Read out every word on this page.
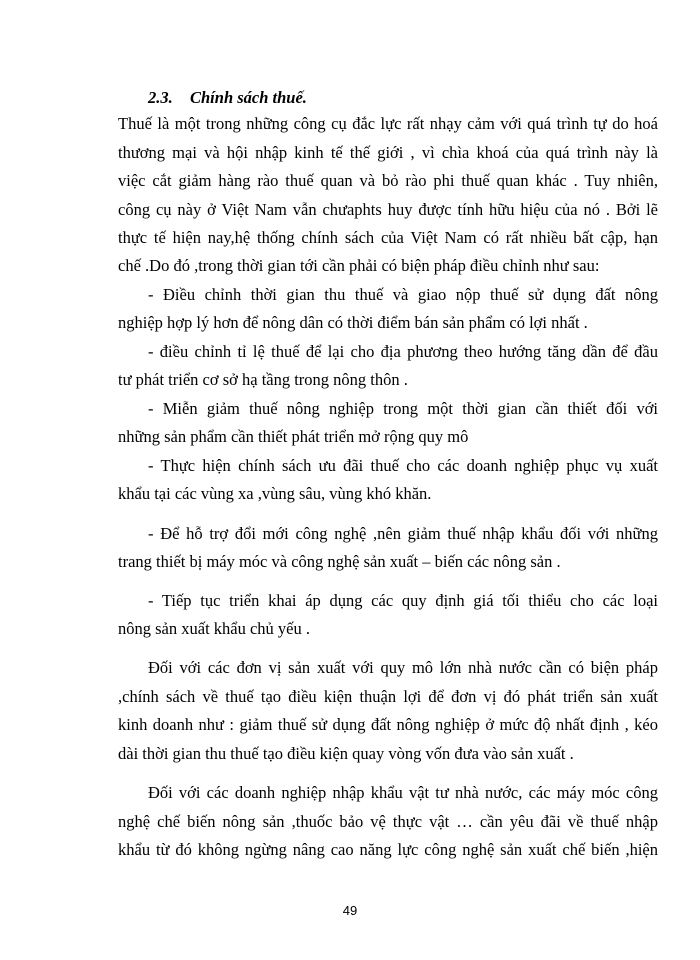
2.3. Chính sách thuế.
Thuế là một trong những công cụ đắc lực rất nhạy cảm với quá trình tự do hoá
thương mại và hội nhập kinh tế thế giới , vì chìa khoá của quá trình này là
việc cắt giảm hàng rào thuế quan và bỏ rào phi thuế quan khác . Tuy nhiên,
công cụ này ở Việt Nam vẫn chưaphts huy được tính hữu hiệu của nó . Bởi lẽ
thực tế hiện nay,hệ thống chính sách của Việt Nam có rất nhiều bất cập, hạn
chế .Do đó ,trong thời gian tới cần phải có biện pháp điều chỉnh như sau:
- Điều chỉnh thời gian thu thuế và giao nộp thuế sử dụng đất nông
nghiệp hợp lý hơn để nông dân có thời điểm bán sản phẩm có lợi nhất .
- điều chỉnh tỉ lệ thuế để lại cho địa phương theo hướng tăng dần để đầu
tư phát triển cơ sở hạ tầng trong nông thôn .
- Miễn giảm thuế nông nghiệp trong một thời gian cần thiết đối với
những sản phẩm cần thiết phát triển mở rộng quy mô
- Thực hiện chính sách ưu đãi thuế cho các doanh nghiệp phục vụ xuất
khẩu tại các vùng xa ,vùng sâu, vùng khó khăn.
- Để hỗ trợ đổi mới công nghệ ,nên giảm thuế nhập khẩu đối với những
trang thiết bị máy móc và công nghệ sản xuất – biến các nông sản .
- Tiếp tục triển khai áp dụng các quy định giá tối thiểu cho các loại
nông sản xuất khẩu chủ yếu .
Đối với các đơn vị sản xuất với quy mô lớn nhà nước cần có biện pháp
,chính sách về thuế tạo điều kiện thuận lợi để đơn vị đó phát triển sản xuất
kinh doanh như : giảm thuế sử dụng đất nông nghiệp ở mức độ nhất định , kéo
dài thời gian thu thuế tạo điều kiện quay vòng vốn đưa vào sản xuất .
Đối với các doanh nghiệp nhập khẩu vật tư nhà nước, các máy móc công
nghệ chế biến nông sản ,thuốc bảo vệ thực vật … cần yêu đãi về thuế nhập
khẩu từ đó không ngừng nâng cao năng lực công nghệ sản xuất chế biến ,hiện
49
